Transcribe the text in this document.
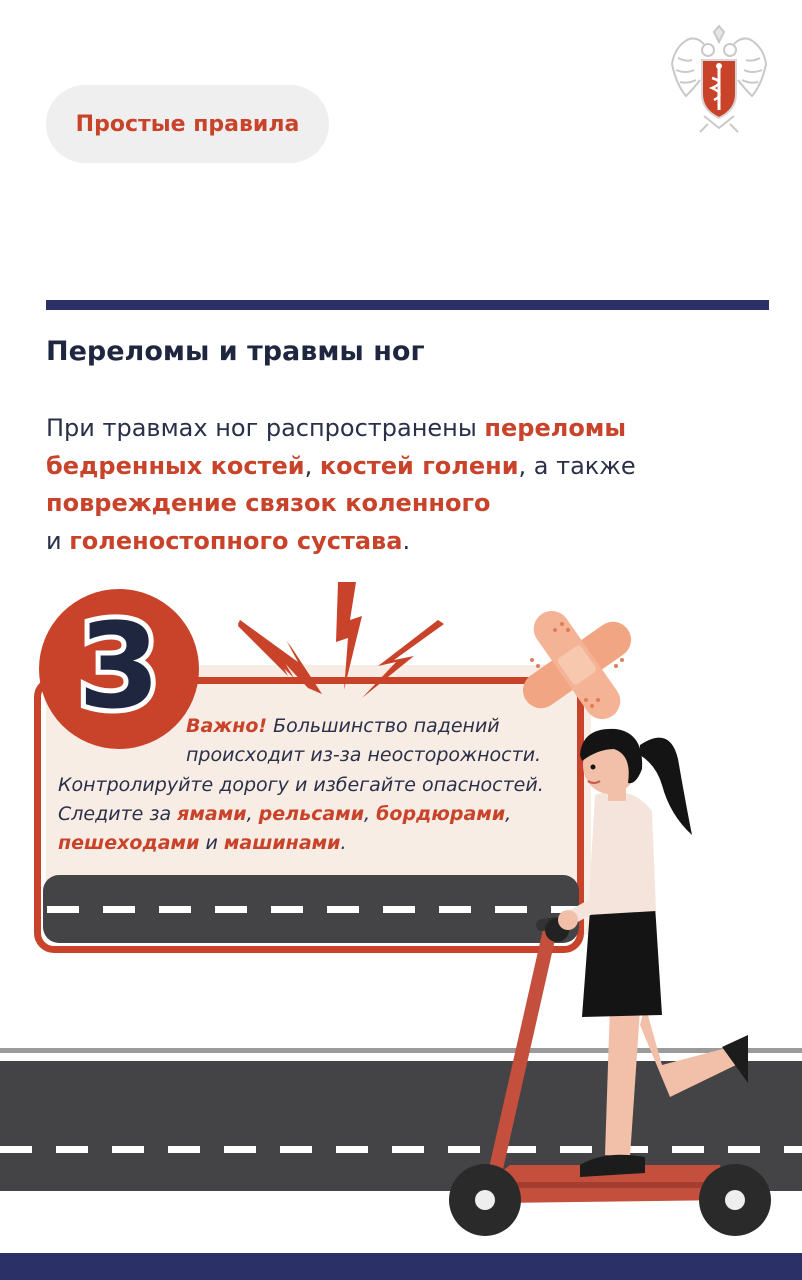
Простые правила
Переломы и травмы ног

При травмах ног распространены переломы
бедренных костей, костей голени, а также
повреждение связок коленного
и голеностопного сустава.

3 Важно! Большинство падений
происходит из-за неосторожности.
Контролируйте дорогу и избегайте опасностей.
Следите за ямами, рельсами, бордюрами,
пешеходами и машинами.
